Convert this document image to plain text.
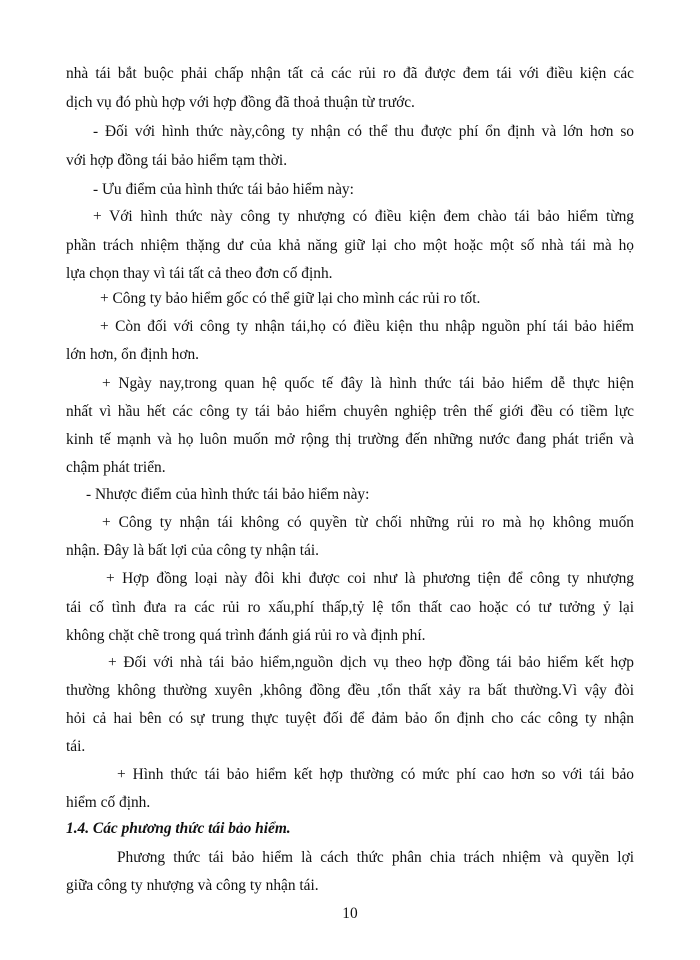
nhà tái bắt buộc phải chấp nhận tất cả các rủi ro đã được đem tái với điều kiện các
dịch vụ đó phù hợp với hợp đồng đã thoả thuận từ trước.
- Đối với hình thức này,công ty nhận có thể thu được phí ổn định và lớn hơn so
với hợp đồng tái bảo hiểm tạm thời.
- Ưu điểm của hình thức tái bảo hiểm này:
+ Với hình thức này công ty nhượng có điều kiện đem chào tái bảo hiểm từng
phần trách nhiệm thặng dư của khả năng giữ lại cho một hoặc một số nhà tái mà họ
lựa chọn thay vì tái tất cả theo đơn cố định.
+ Công ty bảo hiểm gốc có thể giữ lại cho mình các rủi ro tốt.
+ Còn đối với công ty nhận tái,họ có điều kiện thu nhập nguồn phí tái bảo hiểm
lớn hơn, ổn định hơn.
+ Ngày nay,trong quan hệ quốc tế đây là hình thức tái bảo hiểm dễ thực hiện
nhất vì hầu hết các công ty tái bảo hiểm chuyên nghiệp trên thế giới đều có tiềm lực
kinh tế mạnh và họ luôn muốn mở rộng thị trường đến những nước đang phát triển và
chậm phát triển.
- Nhược điểm của hình thức tái bảo hiểm này:
+ Công ty nhận tái không có quyền từ chối những rủi ro mà họ không muốn
nhận. Đây là bất lợi của công ty nhận tái.
+ Hợp đồng loại này đôi khi được coi như là phương tiện để công ty nhượng
tái cố tình đưa ra các rủi ro xấu,phí thấp,tỷ lệ tổn thất cao hoặc có tư tưởng ỷ lại
không chặt chẽ trong quá trình đánh giá rủi ro và định phí.
+ Đối với nhà tái bảo hiểm,nguồn dịch vụ theo hợp đồng tái bảo hiểm kết hợp
thường không thường xuyên ,không đồng đều ,tổn thất xảy ra bất thường.Vì vậy đòi
hỏi cả hai bên có sự trung thực tuyệt đối để đảm bảo ổn định cho các công ty nhận
tái.
+ Hình thức tái bảo hiểm kết hợp thường có mức phí cao hơn so với tái bảo
hiểm cố định.
1.4. Các phương thức tái bảo hiểm.
Phương thức tái bảo hiểm là cách thức phân chia trách nhiệm và quyền lợi
giữa công ty nhượng và công ty nhận tái.
10
